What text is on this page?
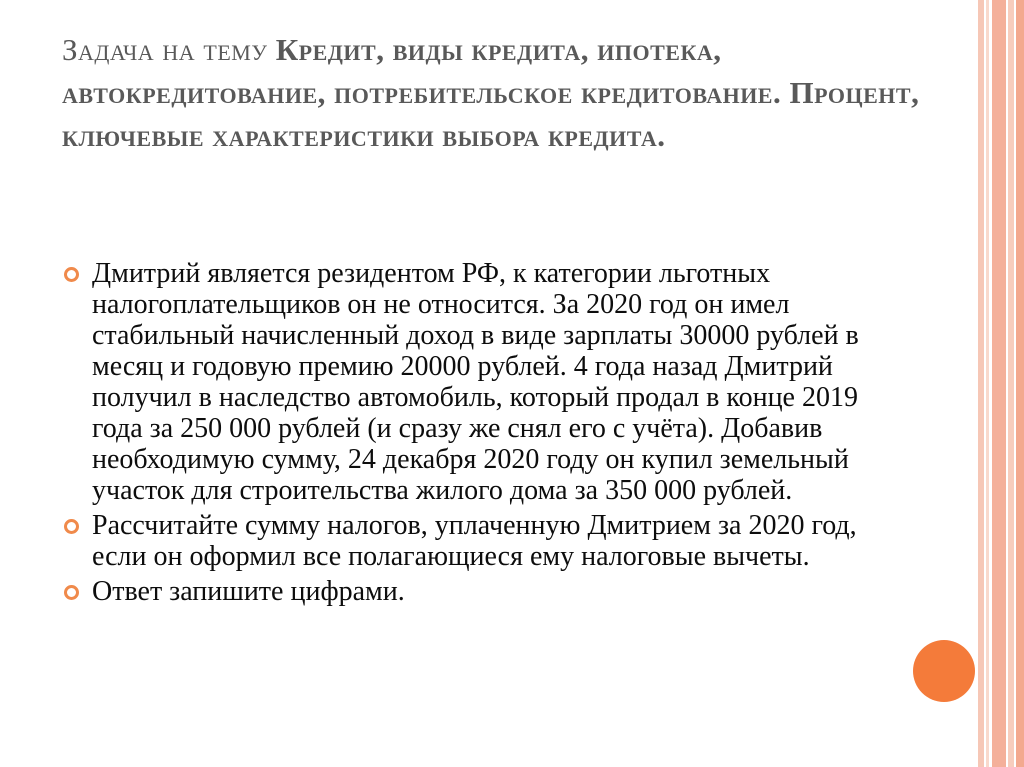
Задача на тему Кредит, виды кредита, ипотека, автокредитование, потребительское кредитование. Процент, ключевые характеристики выбора кредита.
Дмитрий является резидентом РФ, к категории льготных налогоплательщиков он не относится. За 2020 год он имел стабильный начисленный доход в виде зарплаты 30000 рублей в месяц и годовую премию 20000 рублей. 4 года назад Дмитрий получил в наследство автомобиль, который продал в конце 2019 года за 250 000 рублей (и сразу же снял его с учёта). Добавив необходимую сумму, 24 декабря 2020 году он купил земельный участок для строительства жилого дома за 350 000 рублей.
Рассчитайте сумму налогов, уплаченную Дмитрием за 2020 год, если он оформил все полагающиеся ему налоговые вычеты.
Ответ запишите цифрами.
